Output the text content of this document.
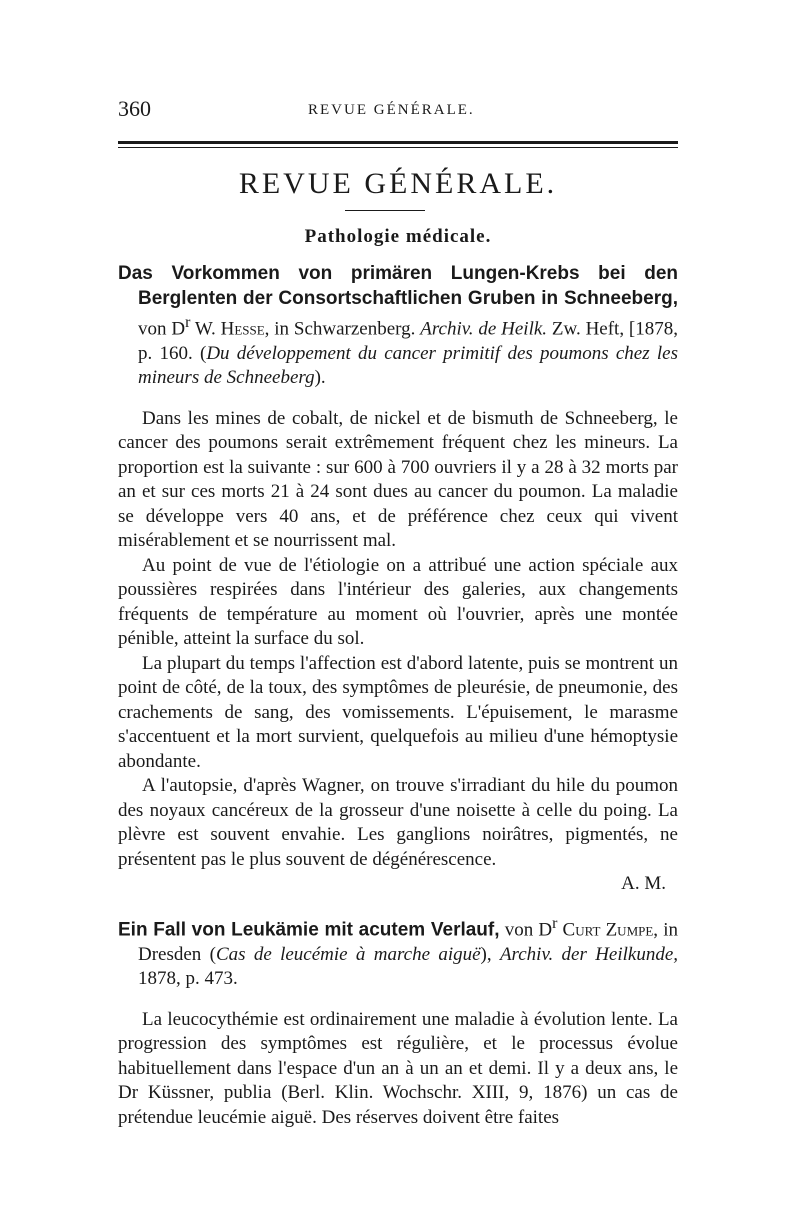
360	REVUE GÉNÉRALE.
REVUE GÉNÉRALE.
Pathologie médicale.

Das Vorkommen von primären Lungen-Krebs bei den Berglenten der Consortschaftlichen Gruben in Schneeberg, von $D^r$ W. Hesse, in Schwarzenberg. Archiv. de Heilk. Zw. Heft, [1878, p. 160. (Du développement du cancer primitif des poumons chez les mineurs de Schneeberg).

Dans les mines de cobalt, de nickel et de bismuth de Schneeberg, le cancer des poumons serait extrêmement fréquent chez les mineurs. La proportion est la suivante : sur 600 à 700 ouvriers il y a 28 à 32 morts par an et sur ces morts 21 à 24 sont dues au cancer du poumon. La maladie se développe vers 40 ans, et de préférence chez ceux qui vivent misérablement et se nourrissent mal.

Au point de vue de l'étiologie on a attribué une action spéciale aux poussières respirées dans l'intérieur des galeries, aux changements fréquents de température au moment où l'ouvrier, après une montée pénible, atteint la surface du sol.

La plupart du temps l'affection est d'abord latente, puis se montrent un point de côté, de la toux, des symptômes de pleurésie, de pneumonie, des crachements de sang, des vomissements. L'épuisement, le marasme s'accentuent et la mort survient, quelquefois au milieu d'une hémoptysie abondante.

A l'autopsie, d'après Wagner, on trouve s'irradiant du hile du poumon des noyaux cancéreux de la grosseur d'une noisette à celle du poing. La plèvre est souvent envahie. Les ganglions noirâtres, pigmentés, ne présentent pas le plus souvent de dégénérescence.

A. M.

Ein Fall von Leukämie mit acutem Verlauf, von $D^r$ Curt Zumpe, in Dresden (Cas de leucémie à marche aiguë), Archiv. der Heilkunde, 1878, p. 473.

La leucocythémie est ordinairement une maladie à évolution lente. La progression des symptômes est régulière, et le processus évolue habituellement dans l'espace d'un an à un an et demi. Il y a deux ans, le Dr Küssner, publia (Berl. Klin. Wochschr. XIII, 9, 1876) un cas de prétendue leucémie aiguë. Des réserves doivent être faites
